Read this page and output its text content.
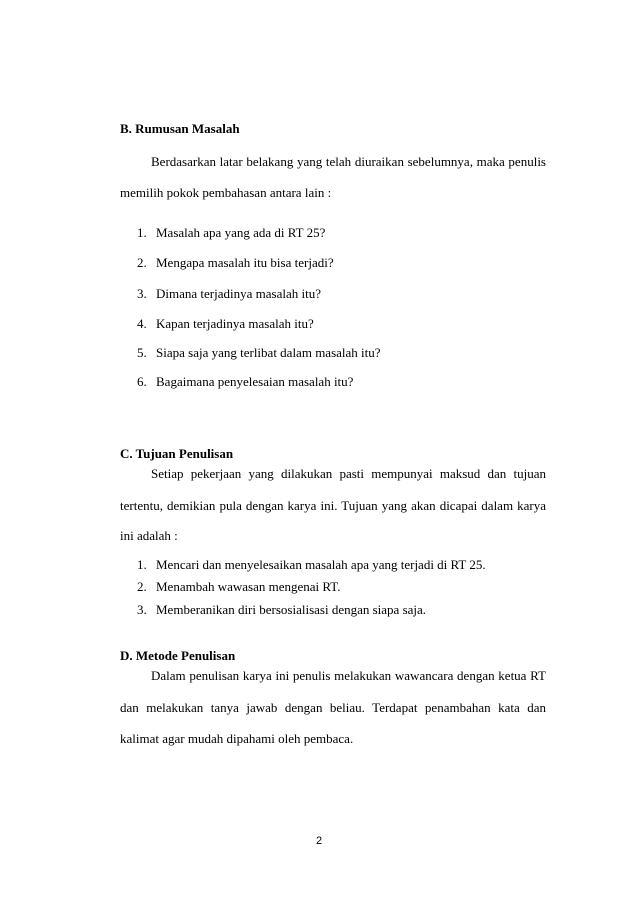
B. Rumusan Masalah
Berdasarkan latar belakang yang telah diuraikan sebelumnya, maka penulis
memilih pokok pembahasan antara lain :
1. Masalah apa yang ada di RT 25?
2. Mengapa masalah itu bisa terjadi?
3. Dimana terjadinya masalah itu?
4. Kapan terjadinya masalah itu?
5. Siapa saja yang terlibat dalam masalah itu?
6. Bagaimana penyelesaian masalah itu?
C. Tujuan Penulisan
Setiap pekerjaan yang dilakukan pasti mempunyai maksud dan tujuan
tertentu, demikian pula dengan karya ini. Tujuan yang akan dicapai dalam karya
ini adalah :
1. Mencari dan menyelesaikan masalah apa yang terjadi di RT 25.
2. Menambah wawasan mengenai RT.
3. Memberanikan diri bersosialisasi dengan siapa saja.
D. Metode Penulisan
Dalam penulisan karya ini penulis melakukan wawancara dengan ketua RT
dan melakukan tanya jawab dengan beliau. Terdapat penambahan kata dan
kalimat agar mudah dipahami oleh pembaca.
2
